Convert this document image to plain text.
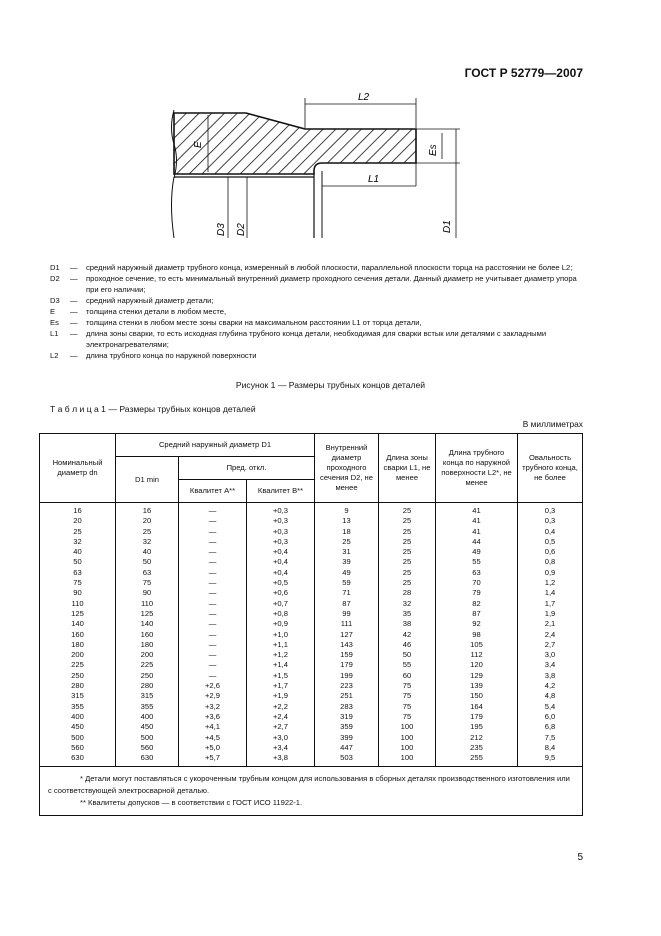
ГОСТ Р 52779—2007
L2
E	Es
L1
D1
D3 D2
D1	—	средний наружный диаметр трубного конца, измеренный в любой плоскости, параллельной плоскости торца на расстоянии не более L2;
D2	—	проходное сечение, то есть минимальный внутренний диаметр проходного сечения детали. Данный диаметр не учитывает диаметр упора при его наличии;
D3	—	средний наружный диаметр детали;
E	—	толщина стенки детали в любом месте,
Es	—	толщина стенки в любом месте зоны сварки на максимальном расстоянии L1 от торца детали,
L1	—	длина зоны сварки, то есть исходная глубина трубного конца детали, необходимая для сварки встык или деталями с закладными электронагревателями;
L2	—	длина трубного конца по наружной поверхности
Рисунок 1 — Размеры трубных концов деталей
Т а б л и ц а 1 — Размеры трубных концов деталей
В миллиметрах
Номинальный диаметр dn	Средний наружный диаметр D1			Внутренний диаметр проходного сечения D2, не менее	Длина зоны сварки L1, не менее	Длина трубного конца по наружной поверхности L2*, не менее	Овальность трубного конца, не более
	D1 min	Пред. откл.					
		Квалитет А**	Квалитет В**				
16	16	—	+0,3	9	25	41	0,3
20	20	—	+0,3	13	25	41	0,3
25	25	—	+0,3	18	25	41	0,4
32	32	—	+0,3	25	25	44	0,5
40	40	—	+0,4	31	25	49	0,6
50	50	—	+0,4	39	25	55	0,8
63	63	—	+0,4	49	25	63	0,9
75	75	—	+0,5	59	25	70	1,2
90	90	—	+0,6	71	28	79	1,4
110	110	—	+0,7	87	32	82	1,7
125	125	—	+0,8	99	35	87	1,9
140	140	—	+0,9	111	38	92	2,1
160	160	—	+1,0	127	42	98	2,4
180	180	—	+1,1	143	46	105	2,7
200	200	—	+1,2	159	50	112	3,0
225	225	—	+1,4	179	55	120	3,4
250	250	—	+1,5	199	60	129	3,8
280	280	+2,6	+1,7	223	75	139	4,2
315	315	+2,9	+1,9	251	75	150	4,8
355	355	+3,2	+2,2	283	75	164	5,4
400	400	+3,6	+2,4	319	75	179	6,0
450	450	+4,1	+2,7	359	100	195	6,8
500	500	+4,5	+3,0	399	100	212	7,5
560	560	+5,0	+3,4	447	100	235	8,4
630	630	+5,7	+3,8	503	100	255	9,5

* Детали могут поставляться с укороченным трубным концом для использования в сборных деталях производственного изготовления или с соответствующей электросварной деталью.
** Квалитеты допусков — в соответствии с ГОСТ ИСО 11922-1.							
5
